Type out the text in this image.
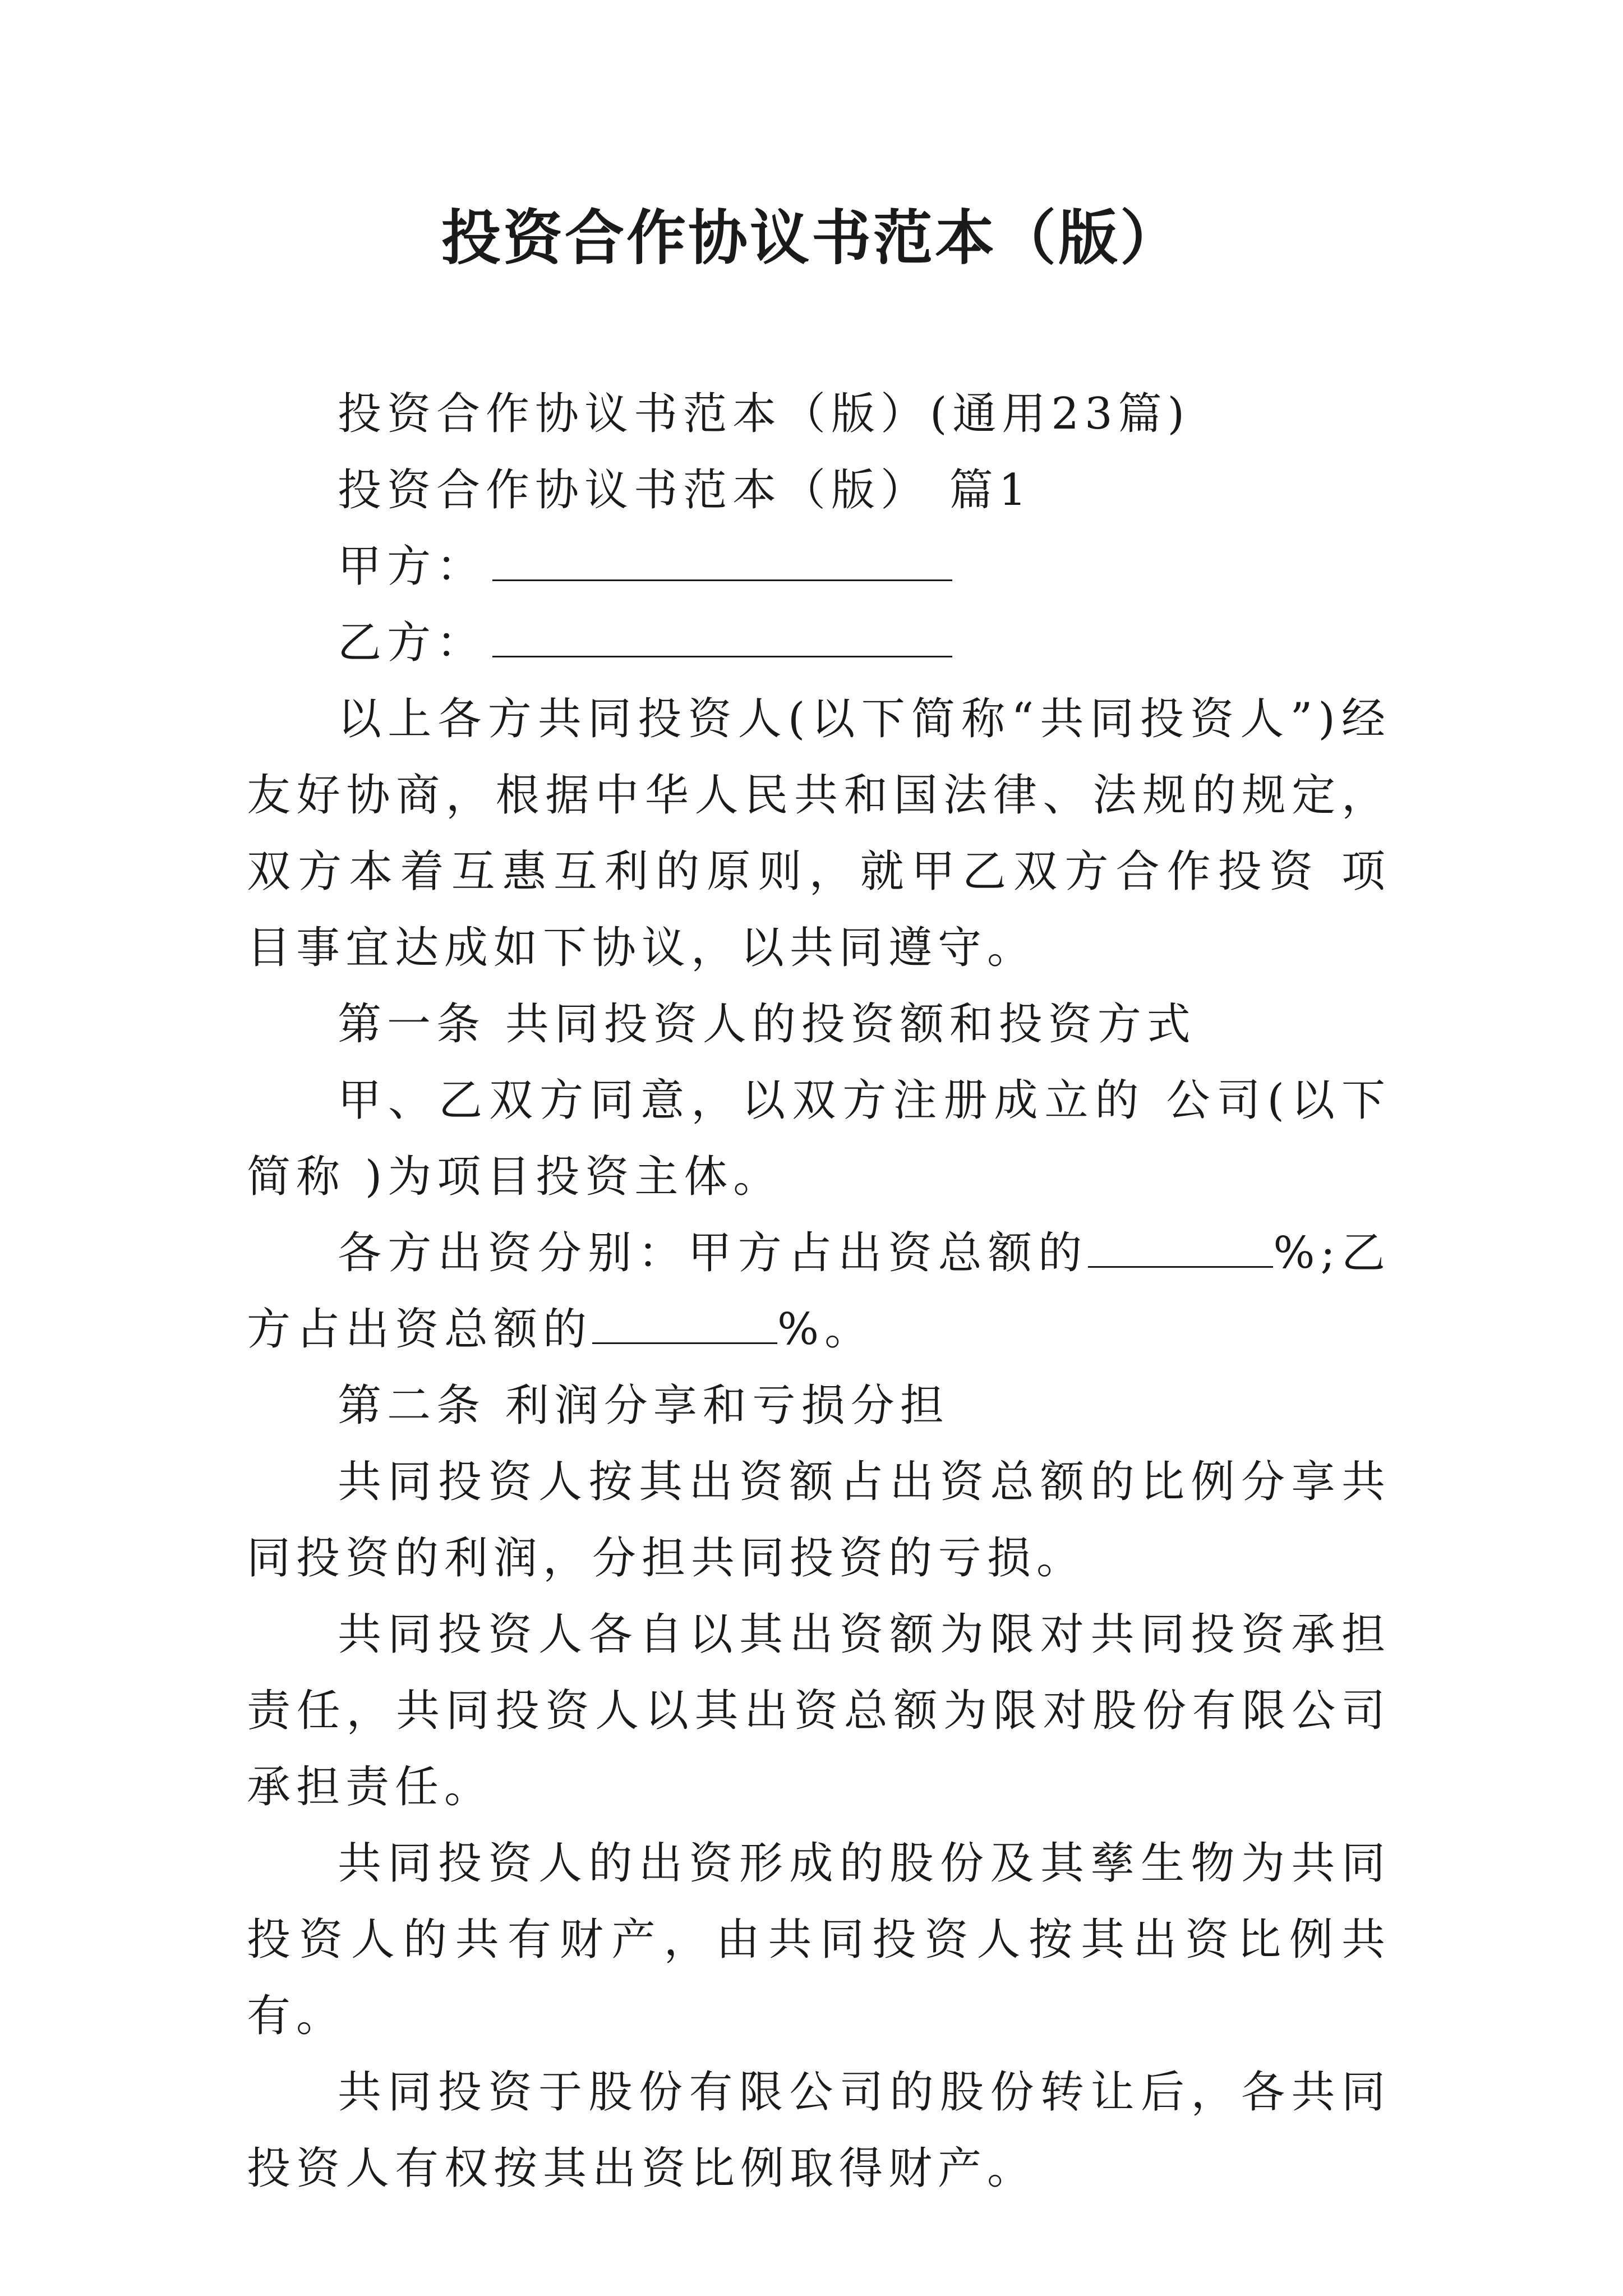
投资合作协议书范本（版）

投资合作协议书范本（版）(通用23篇)

投资合作协议书范本（版） 篇1

甲方：

乙方：

以上各方共同投资人(以下简称“共同投资人”)经友好协商，根据中华人民共和国法律、法规的规定，双方本着互惠互利的原则，就甲乙双方合作投资 项目事宜达成如下协议，以共同遵守。

第一条 共同投资人的投资额和投资方式

甲、乙双方同意，以双方注册成立的 公司(以下简称 )为项目投资主体。

各方出资分别：甲方占出资总额的	%;乙方占出资总额的	%。

第二条 利润分享和亏损分担

共同投资人按其出资额占出资总额的比例分享共同投资的利润，分担共同投资的亏损。

共同投资人各自以其出资额为限对共同投资承担责任，共同投资人以其出资总额为限对股份有限公司承担责任。

共同投资人的出资形成的股份及其孳生物为共同投资人的共有财产，由共同投资人按其出资比例共有。

共同投资于股份有限公司的股份转让后，各共同投资人有权按其出资比例取得财产。
